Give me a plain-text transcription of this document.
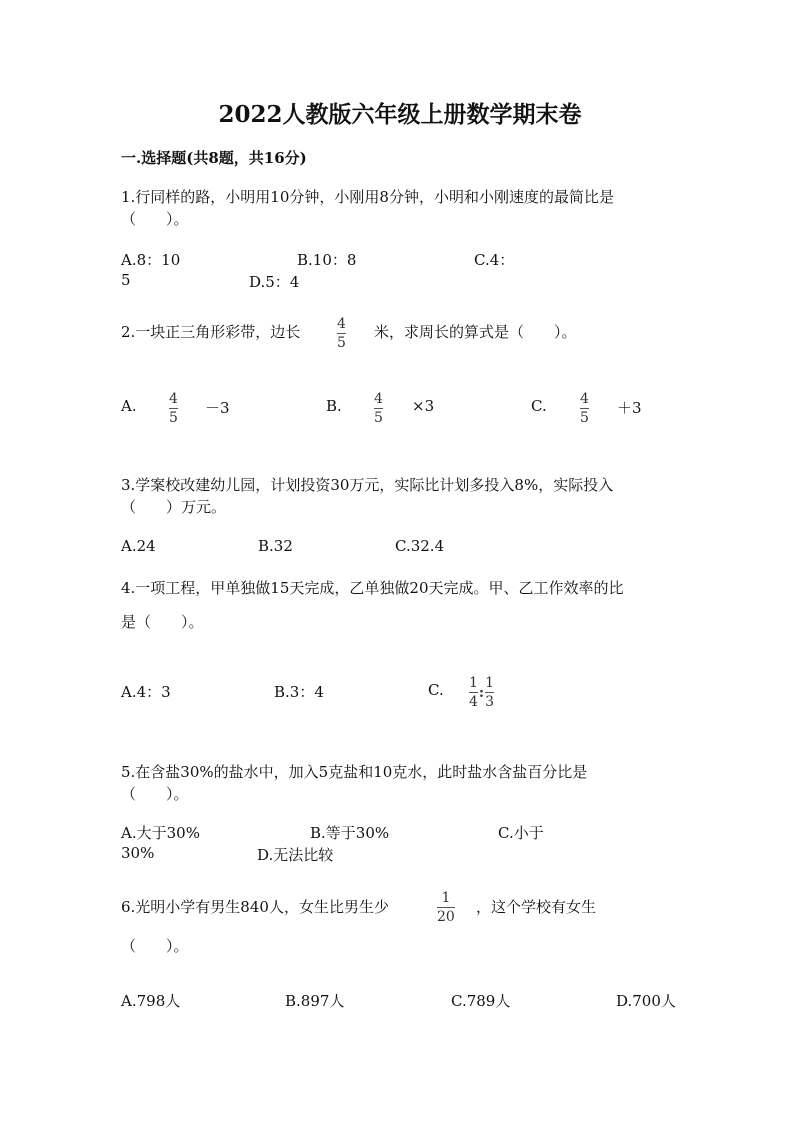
2022人教版六年级上册数学期末卷
一.选择题(共8题，共16分)
1.行同样的路，小明用10分钟，小刚用8分钟，小明和小刚速度的最简比是
（　　）。
A.8：10	B.10：8	C.4：
5	D.5：4
2.一块正三角形彩带，边长	4
5
米，求周长的算式是（　　）。
A. 4
5
－3	B. 4
5
×3	C. 4
5
＋3
3.学案校改建幼儿园，计划投资30万元，实际比计划多投入8%，实际投入
（　　）万元。
A.24	B.32	C.32.4
4.一项工程，甲单独做15天完成，乙单独做20天完成。甲、乙工作效率的比
是（　　）。
A.4：3	B.3：4	C. $\frac{1}{4}$ : $\frac{1}{3}$
5.在含盐30%的盐水中，加入5克盐和10克水，此时盐水含盐百分比是
（　　）。
A.大于30%	B.等于30%	C.小于
30%	D.无法比较
6.光明小学有男生840人，女生比男生少	1
20
，这个学校有女生
（　　）。
A.798人	B.897人	C.789人	D.700人
